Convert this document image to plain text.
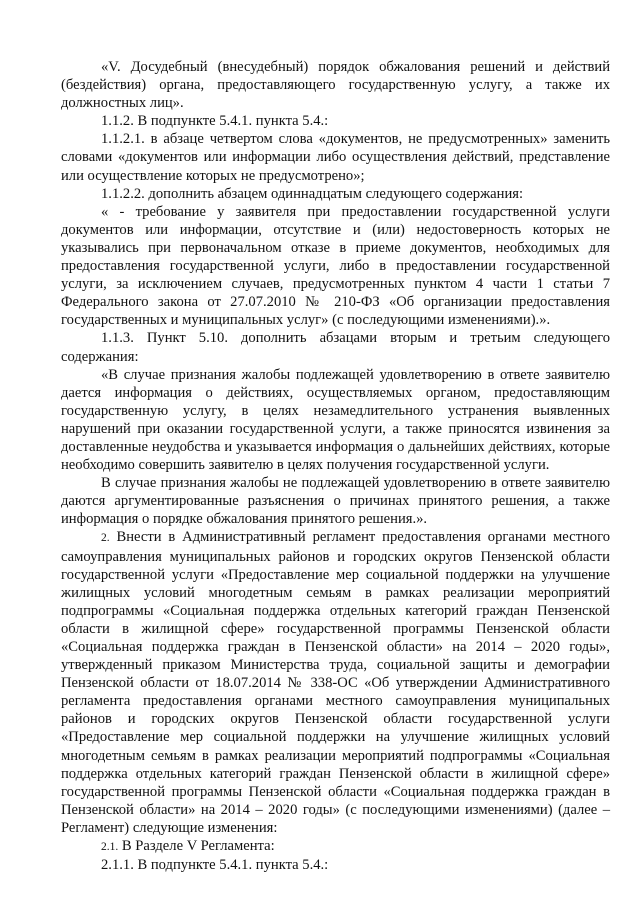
«V. Досудебный (внесудебный) порядок обжалования решений и действий (бездействия) органа, предоставляющего государственную услугу, а также их должностных лиц».

1.1.2. В подпункте 5.4.1. пункта 5.4.:

1.1.2.1. в абзаце четвертом слова «документов, не предусмотренных» заменить словами «документов или информации либо осуществления действий, представление или осуществление которых не предусмотрено»;

1.1.2.2. дополнить абзацем одиннадцатым следующего содержания:

« - требование у заявителя при предоставлении государственной услуги документов или информации, отсутствие и (или) недостоверность которых не указывались при первоначальном отказе в приеме документов, необходимых для предоставления государственной услуги, либо в предоставлении государственной услуги, за исключением случаев, предусмотренных пунктом 4 части 1 статьи 7 Федерального закона от 27.07.2010 № 210-ФЗ «Об организации предоставления государственных и муниципальных услуг» (с последующими изменениями).».

1.1.3. Пункт 5.10. дополнить абзацами вторым и третьим следующего содержания:

«В случае признания жалобы подлежащей удовлетворению в ответе заявителю дается информация о действиях, осуществляемых органом, предоставляющим государственную услугу, в целях незамедлительного устранения выявленных нарушений при оказании государственной услуги, а также приносятся извинения за доставленные неудобства и указывается информация о дальнейших действиях, которые необходимо совершить заявителю в целях получения государственной услуги.

В случае признания жалобы не подлежащей удовлетворению в ответе заявителю даются аргументированные разъяснения о причинах принятого решения, а также информация о порядке обжалования принятого решения.».

2. Внести в Административный регламент предоставления органами местного самоуправления муниципальных районов и городских округов Пензенской области государственной услуги «Предоставление мер социальной поддержки на улучшение жилищных условий многодетным семьям в рамках реализации мероприятий подпрограммы «Социальная поддержка отдельных категорий граждан Пензенской области в жилищной сфере» государственной программы Пензенской области «Социальная поддержка граждан в Пензенской области» на 2014 – 2020 годы», утвержденный приказом Министерства труда, социальной защиты и демографии Пензенской области от 18.07.2014 № 338-ОС «Об утверждении Административного регламента предоставления органами местного самоуправления муниципальных районов и городских округов Пензенской области государственной услуги «Предоставление мер социальной поддержки на улучшение жилищных условий многодетным семьям в рамках реализации мероприятий подпрограммы «Социальная поддержка отдельных категорий граждан Пензенской области в жилищной сфере» государственной программы Пензенской области «Социальная поддержка граждан в Пензенской области» на 2014 – 2020 годы» (с последующими изменениями) (далее – Регламент) следующие изменения:

2.1. В Разделе V Регламента:

2.1.1. В подпункте 5.4.1. пункта 5.4.:
